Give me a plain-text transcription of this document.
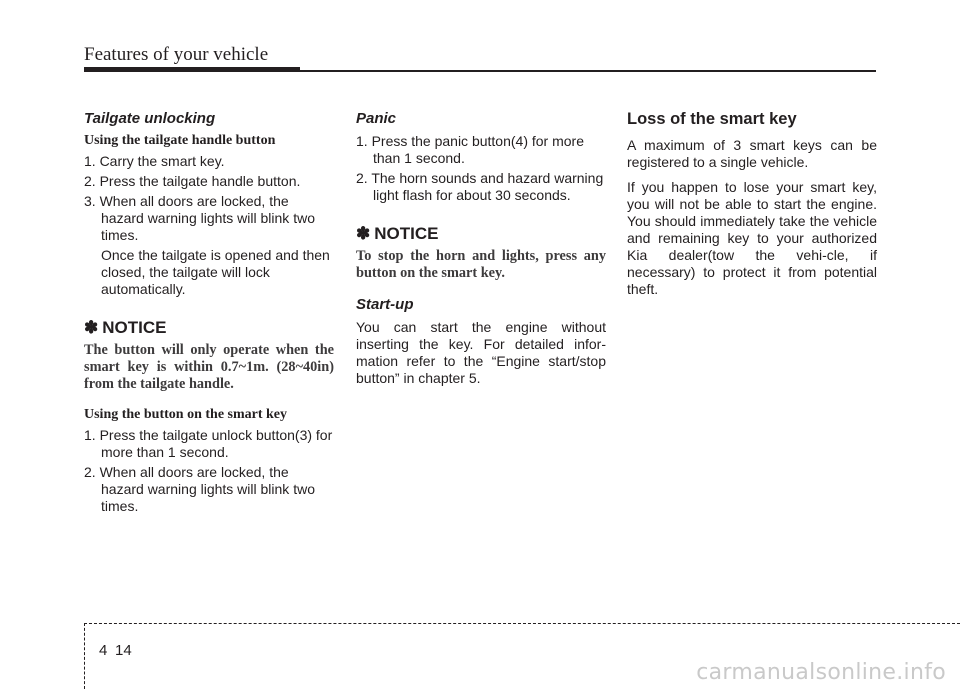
Features of your vehicle

Tailgate unlocking

Using the tailgate handle button

1. Carry the smart key.
2. Press the tailgate handle button.
3. When all doors are locked, the hazard warning lights will blink two times.

Once the tailgate is opened and then closed, the tailgate will lock automatically.

✽ NOTICE

The button will only operate when the smart key is within 0.7~1m. (28~40in) from the tailgate handle.

Using the button on the smart key

1. Press the tailgate unlock button(3) for more than 1 second.
2. When all doors are locked, the hazard warning lights will blink two times.

Panic

1. Press the panic button(4) for more than 1 second.
2. The horn sounds and hazard warning light flash for about 30 seconds.
✽ NOTICE

To stop the horn and lights, press any button on the smart key.

Start-up

You can start the engine without inserting the key. For detailed infor-mation refer to the “Engine start/stop button” in chapter 5.

Loss of the smart key

A maximum of 3 smart keys can be registered to a single vehicle.

If you happen to lose your smart key, you will not be able to start the engine. You should immediately take the vehicle and remaining key to your authorized Kia dealer(tow the vehi-cle, if necessary) to protect it from potential theft.

4 14
carmanualsonline.info
